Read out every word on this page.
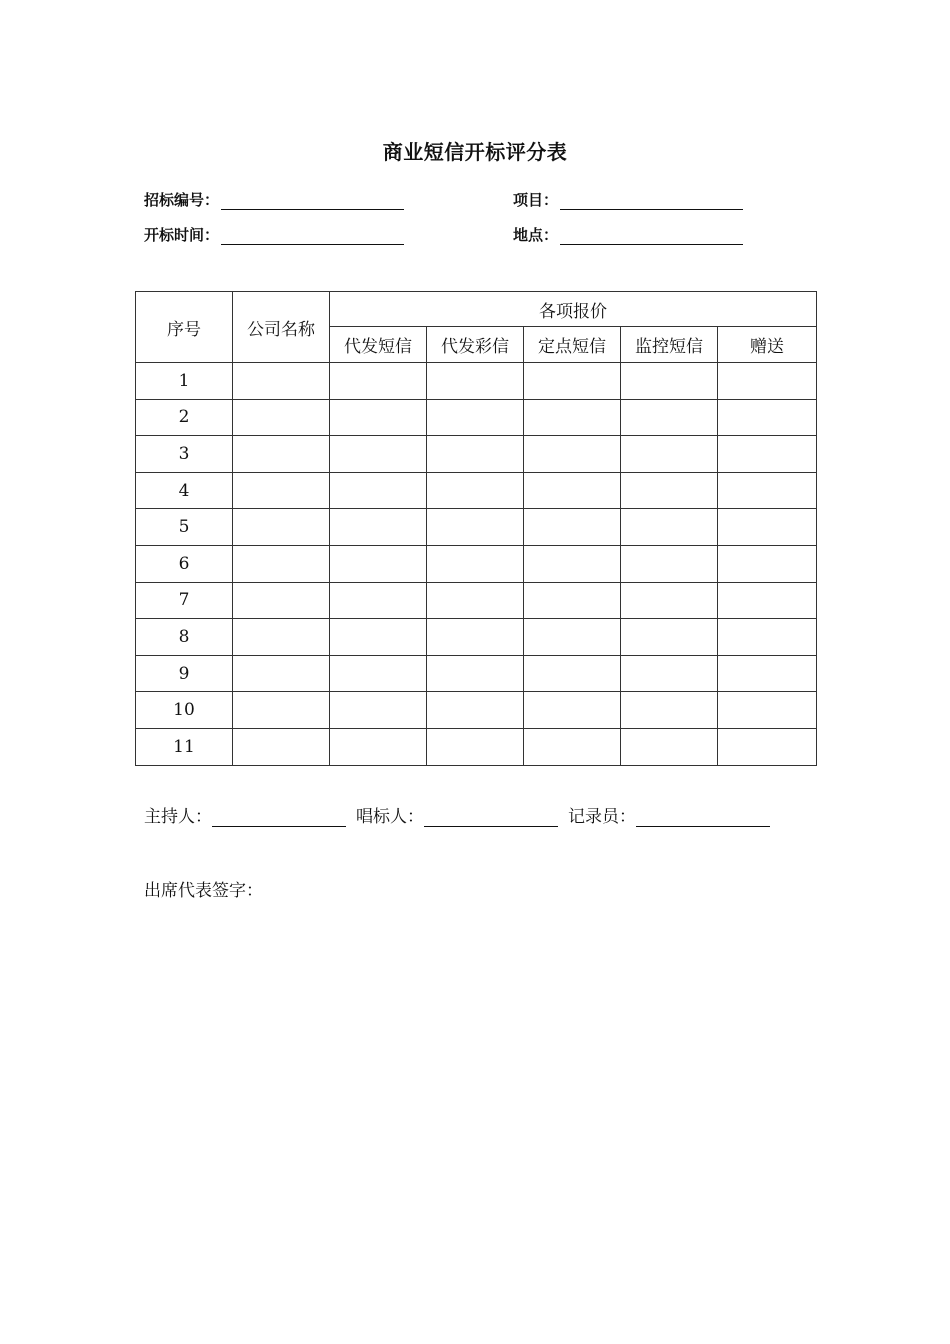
商业短信开标评分表
招标编号：	项目：
开标时间：	地点：
序号	公司名称	各项报价				
		代发短信	代发彩信	定点短信	监控短信	赠送
1						
2						
3						
4						
5						
6						
7						
8						
9						
10						
11						
主持人：	唱标人：	记录员：
出席代表签字：
